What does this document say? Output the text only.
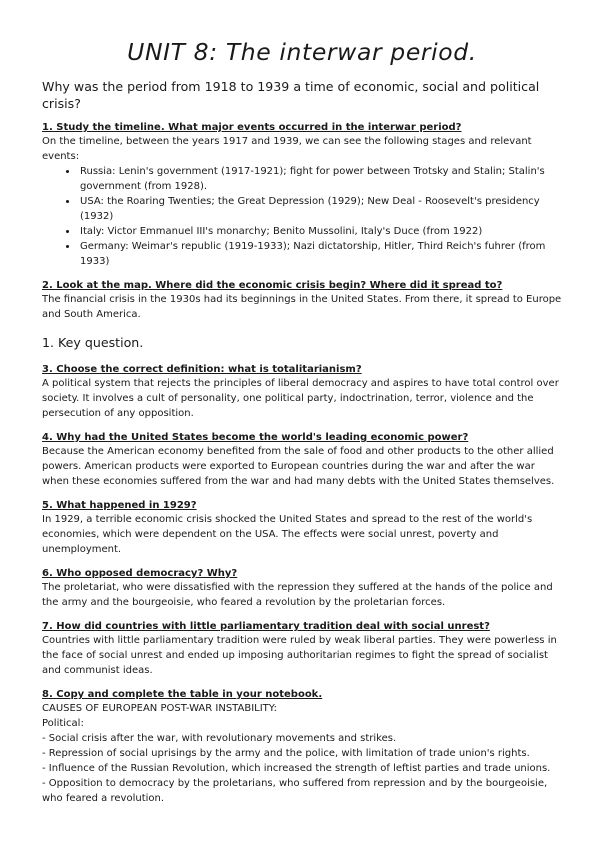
UNIT 8: The interwar period.

Why was the period from 1918 to 1939 a time of economic, social and political crisis?

1. Study the timeline. What major events occurred in the interwar period?

On the timeline, between the years 1917 and 1939, we can see the following stages and relevant events:

• Russia: Lenin's government (1917-1921); fight for power between Trotsky and Stalin; Stalin's government (from 1928).
• USA: the Roaring Twenties; the Great Depression (1929); New Deal - Roosevelt's presidency (1932)
• Italy: Victor Emmanuel III's monarchy; Benito Mussolini, Italy's Duce (from 1922)
• Germany: Weimar's republic (1919-1933); Nazi dictatorship, Hitler, Third Reich's fuhrer (from 1933)

2. Look at the map. Where did the economic crisis begin? Where did it spread to?

The financial crisis in the 1930s had its beginnings in the United States. From there, it spread to Europe and South America.

1. Key question.

3. Choose the correct definition: what is totalitarianism?

A political system that rejects the principles of liberal democracy and aspires to have total control over society. It involves a cult of personality, one political party, indoctrination, terror, violence and the persecution of any opposition.

4. Why had the United States become the world's leading economic power?

Because the American economy benefited from the sale of food and other products to the other allied powers. American products were exported to European countries during the war and after the war when these economies suffered from the war and had many debts with the United States themselves.

5. What happened in 1929?

In 1929, a terrible economic crisis shocked the United States and spread to the rest of the world's economies, which were dependent on the USA. The effects were social unrest, poverty and unemployment.

6. Who opposed democracy? Why?

The proletariat, who were dissatisfied with the repression they suffered at the hands of the police and the army and the bourgeoisie, who feared a revolution by the proletarian forces.

7. How did countries with little parliamentary tradition deal with social unrest?

Countries with little parliamentary tradition were ruled by weak liberal parties. They were powerless in the face of social unrest and ended up imposing authoritarian regimes to fight the spread of socialist and communist ideas.

8. Copy and complete the table in your notebook.

CAUSES OF EUROPEAN POST-WAR INSTABILITY:

Political:

- Social crisis after the war, with revolutionary movements and strikes.

- Repression of social uprisings by the army and the police, with limitation of trade union's rights.

- Influence of the Russian Revolution, which increased the strength of leftist parties and trade unions.

- Opposition to democracy by the proletarians, who suffered from repression and by the bourgeoisie, who feared a revolution.
